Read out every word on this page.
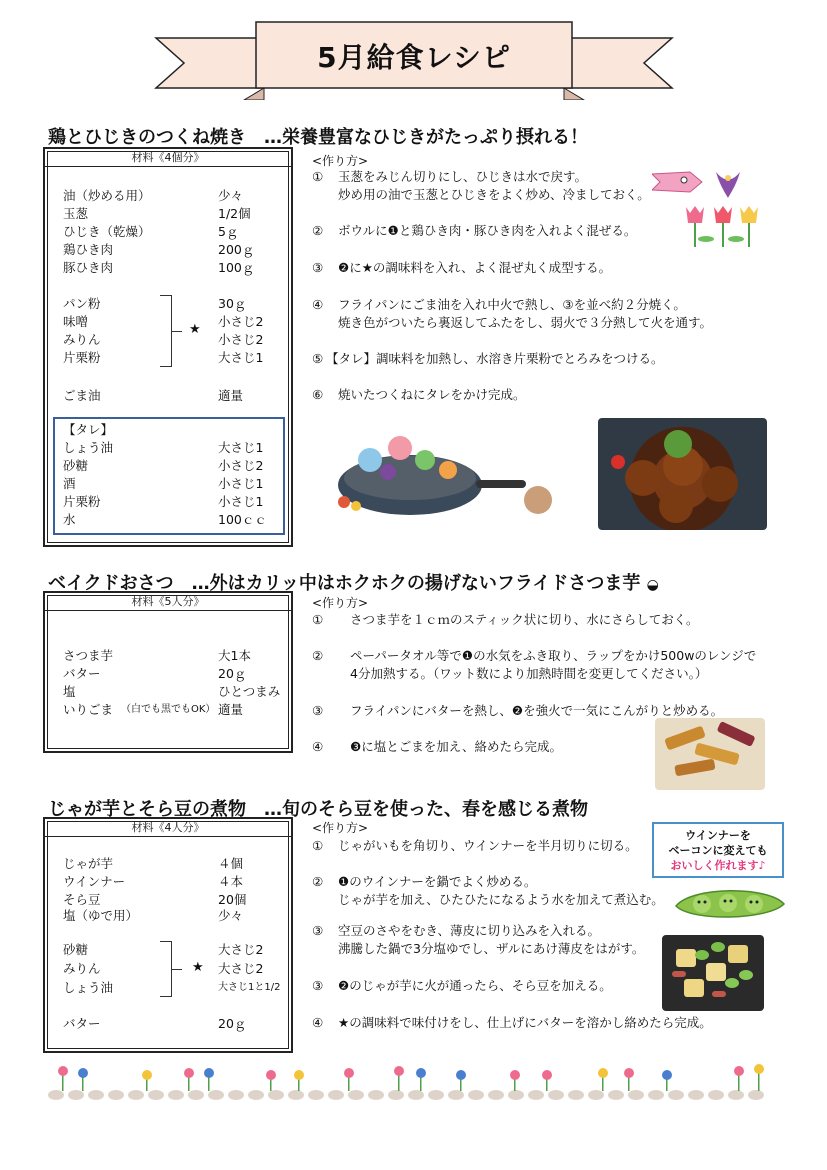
5月給食レシピ
鶏とひじきのつくね焼き　…栄養豊富なひじきがたっぷり摂れる！
材料《4個分》
油（炒める用）	少々
玉葱	1/2個
ひじき（乾燥）	5ｇ
鶏ひき肉	200ｇ
豚ひき肉	100ｇ
パン粉	30ｇ
味噌	小さじ2
みりん	小さじ2
片栗粉	大さじ1
ごま油	適量
★
【タレ】
しょう油	大さじ1
砂糖	小さじ2
酒	小さじ1
片栗粉	小さじ1
水	100ｃｃ
<作り方>
① 玉葱をみじん切りにし、ひじきは水で戻す。
炒め用の油で玉葱とひじきをよく炒め、冷ましておく。
② ボウルに❶と鶏ひき肉・豚ひき肉を入れよく混ぜる。
③ ❷に★の調味料を入れ、よく混ぜ丸く成型する。
④ フライパンにごま油を入れ中火で熱し、③を並べ約２分焼く。
焼き色がついたら裏返してふたをし、弱火で３分熱して火を通す。
⑤ 【タレ】調味料を加熱し、水溶き片栗粉でとろみをつける。
⑥ 焼いたつくねにタレをかけ完成。
ベイクドおさつ　…外はカリッ中はホクホクの揚げないフライドさつま芋 ◒
材料《5人分》
さつま芋	大1本
バター	20ｇ
塩	ひとつまみ
いりごま （白でも黒でもOK） 適量
<作り方>
① さつま芋を１ｃｍのスティック状に切り、水にさらしておく。
② ペーパータオル等で❶の水気をふき取り、ラップをかけ500wのレンジで
4分加熱する。（ワット数により加熱時間を変更してください。）
③ フライパンにバターを熱し、❷を強火で一気にこんがりと炒める。
④ ❸に塩とごまを加え、絡めたら完成。
じゃが芋とそら豆の煮物　…旬のそら豆を使った、春を感じる煮物
材料《4人分》
じゃが芋	４個
ウインナー	４本
そら豆	20個
塩（ゆで用）	少々
砂糖	大さじ2
みりん	大さじ2
しょう油	大さじ1と1/2
バター	20ｇ
★
<作り方>
① じゃがいもを角切り、ウインナーを半月切りに切る。
② ❶のウインナーを鍋でよく炒める。
じゃが芋を加え、ひたひたになるよう水を加えて煮込む。
③ 空豆のさやをむき、薄皮に切り込みを入れる。
沸騰した鍋で3分塩ゆでし、ザルにあけ薄皮をはがす。
③ ❷のじゃが芋に火が通ったら、そら豆を加える。
④ ★の調味料で味付けをし、仕上げにバターを溶かし絡めたら完成。
ウインナーを
ベーコンに変えても
おいしく作れます♪
